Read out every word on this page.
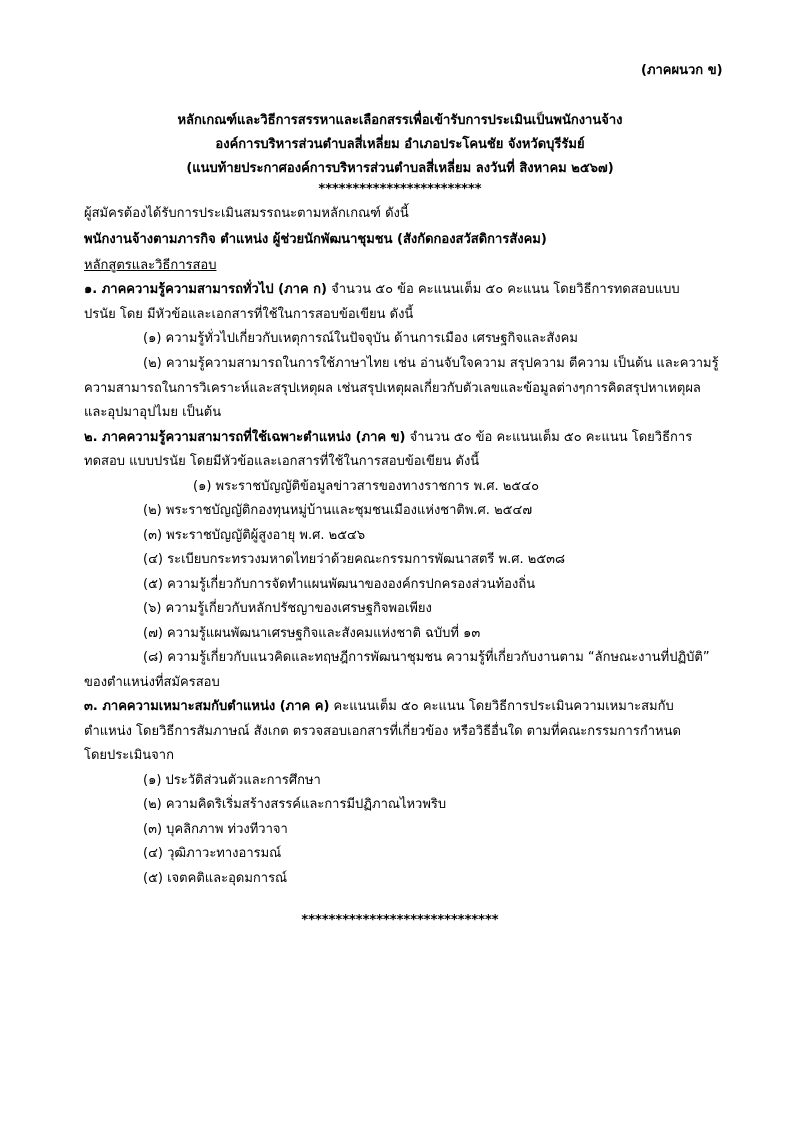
(ภาคผนวก ข)
หลักเกณฑ์และวิธีการสรรหาและเลือกสรรเพื่อเข้ารับการประเมินเป็นพนักงานจ้าง
องค์การบริหารส่วนตำบลสี่เหลี่ยม อำเภอประโคนชัย จังหวัดบุรีรัมย์
(แนบท้ายประกาศองค์การบริหารส่วนตำบลสี่เหลี่ยม ลงวันที่ สิงหาคม ๒๕๖๗)
************************
ผู้สมัครต้องได้รับการประเมินสมรรถนะตามหลักเกณฑ์ ดังนี้
พนักงานจ้างตามภารกิจ ตำแหน่ง ผู้ช่วยนักพัฒนาชุมชน (สังกัดกองสวัสดิการสังคม)
หลักสูตรและวิธีการสอบ
๑. ภาคความรู้ความสามารถทั่วไป (ภาค ก) จำนวน ๕๐ ข้อ คะแนนเต็ม ๕๐ คะแนน โดยวิธีการทดสอบแบบ
ปรนัย โดย มีหัวข้อและเอกสารที่ใช้ในการสอบข้อเขียน ดังนี้
(๑) ความรู้ทั่วไปเกี่ยวกับเหตุการณ์ในปัจจุบัน ด้านการเมือง เศรษฐกิจและสังคม
(๒) ความรู้ความสามารถในการใช้ภาษาไทย เช่น อ่านจับใจความ สรุปความ ตีความ เป็นต้น และความรู้
ความสามารถในการวิเคราะห์และสรุปเหตุผล เช่นสรุปเหตุผลเกี่ยวกับตัวเลขและข้อมูลต่างๆการคิดสรุปหาเหตุผล
และอุปมาอุปไมย เป็นต้น
๒. ภาคความรู้ความสามารถที่ใช้เฉพาะตำแหน่ง (ภาค ข) จำนวน ๕๐ ข้อ คะแนนเต็ม ๕๐ คะแนน โดยวิธีการ
ทดสอบ แบบปรนัย โดยมีหัวข้อและเอกสารที่ใช้ในการสอบข้อเขียน ดังนี้
(๑) พระราชบัญญัติข้อมูลข่าวสารของทางราชการ พ.ศ. ๒๕๔๐
(๒) พระราชบัญญัติกองทุนหมู่บ้านและชุมชนเมืองแห่งชาติพ.ศ. ๒๕๔๗
(๓) พระราชบัญญัติผู้สูงอายุ พ.ศ. ๒๕๔๖
(๔) ระเบียบกระทรวงมหาดไทยว่าด้วยคณะกรรมการพัฒนาสตรี พ.ศ. ๒๕๓๘
(๕) ความรู้เกี่ยวกับการจัดทำแผนพัฒนาขององค์กรปกครองส่วนท้องถิ่น
(๖) ความรู้เกี่ยวกับหลักปรัชญาของเศรษฐกิจพอเพียง
(๗) ความรู้แผนพัฒนาเศรษฐกิจและสังคมแห่งชาติ ฉบับที่ ๑๓
(๘) ความรู้เกี่ยวกับแนวคิดและทฤษฎีการพัฒนาชุมชน ความรู้ที่เกี่ยวกับงานตาม “ลักษณะงานที่ปฏิบัติ”
ของตำแหน่งที่สมัครสอบ
๓. ภาคความเหมาะสมกับตำแหน่ง (ภาค ค) คะแนนเต็ม ๕๐ คะแนน โดยวิธีการประเมินความเหมาะสมกับ
ตำแหน่ง โดยวิธีการสัมภาษณ์ สังเกต ตรวจสอบเอกสารที่เกี่ยวข้อง หรือวิธีอื่นใด ตามที่คณะกรรมการกำหนด
โดยประเมินจาก
(๑) ประวัติส่วนตัวและการศึกษา
(๒) ความคิดริเริ่มสร้างสรรค์และการมีปฏิภาณไหวพริบ
(๓) บุคลิกภาพ ท่วงทีวาจา
(๔) วุฒิภาวะทางอารมณ์
(๕) เจตคติและอุดมการณ์
*****************************
